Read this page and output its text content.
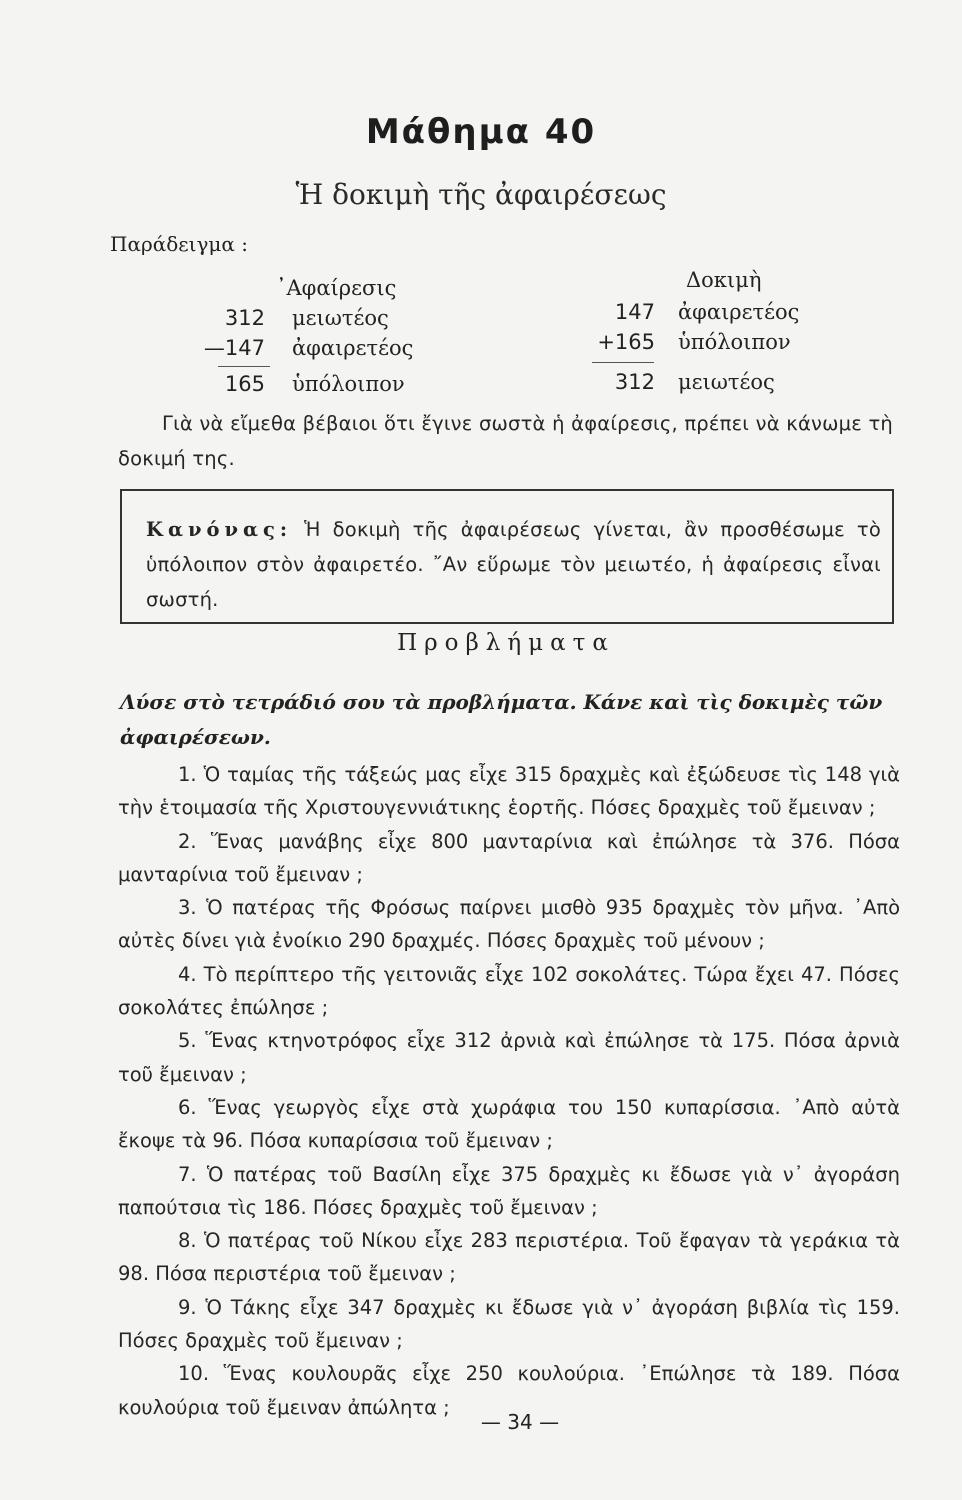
Μάθημα 40
Ἡ δοκιμὴ τῆς ἀφαιρέσεως
Παράδειγμα :
᾿Αφαίρεσις
312 μειωτέος
—147 ἀφαιρετέος
165 ὑπόλοιπον
Δοκιμὴ
147 ἀφαιρετέος
+165 ὑπόλοιπον
312 μειωτέος
Γιὰ νὰ εἴμεθα βέβαιοι ὅτι ἔγινε σωστὰ ἡ ἀφαίρεσις, πρέπει νὰ κάνωμε τὴ δοκιμή της.
Κανόνας: Ἡ δοκιμὴ τῆς ἀφαιρέσεως γίνεται, ἂν προσθέσωμε τὸ ὑπόλοιπον στὸν ἀφαιρετέο. ῎Αν εὕρωμε τὸν μειωτέο, ἡ ἀφαίρεσις εἶναι σωστή.
Προβλήματα
Λύσε στὸ τετράδιό σου τὰ προβλήματα. Κάνε καὶ τὶς δοκιμὲς τῶν ἀφαιρέσεων.
1. Ὁ ταμίας τῆς τάξεώς μας εἶχε 315 δραχμὲς καὶ ἐξώδευσε τὶς 148 γιὰ τὴν ἑτοιμασία τῆς Χριστουγεννιάτικης ἑορτῆς. Πόσες δραχμὲς τοῦ ἔμειναν ;
2. Ἕνας μανάβης εἶχε 800 μανταρίνια καὶ ἐπώλησε τὰ 376. Πόσα μανταρίνια τοῦ ἔμειναν ;
3. Ὁ πατέρας τῆς Φρόσως παίρνει μισθὸ 935 δραχμὲς τὸν μῆνα. ᾿Απὸ αὐτὲς δίνει γιὰ ἐνοίκιο 290 δραχμές. Πόσες δραχμὲς τοῦ μένουν ;
4. Τὸ περίπτερο τῆς γειτονιᾶς εἶχε 102 σοκολάτες. Τώρα ἔχει 47. Πόσες σοκολάτες ἐπώλησε ;
5. Ἕνας κτηνοτρόφος εἶχε 312 ἀρνιὰ καὶ ἐπώλησε τὰ 175. Πόσα ἀρνιὰ τοῦ ἔμειναν ;
6. Ἕνας γεωργὸς εἶχε στὰ χωράφια του 150 κυπαρίσσια. ᾿Απὸ αὐτὰ ἔκοψε τὰ 96. Πόσα κυπαρίσσια τοῦ ἔμειναν ;
7. Ὁ πατέρας τοῦ Βασίλη εἶχε 375 δραχμὲς κι ἔδωσε γιὰ ν᾿ ἀγοράση παπούτσια τὶς 186. Πόσες δραχμὲς τοῦ ἔμειναν ;
8. Ὁ πατέρας τοῦ Νίκου εἶχε 283 περιστέρια. Τοῦ ἔφαγαν τὰ γεράκια τὰ 98. Πόσα περιστέρια τοῦ ἔμειναν ;
9. Ὁ Τάκης εἶχε 347 δραχμὲς κι ἔδωσε γιὰ ν᾿ ἀγοράση βιβλία τὶς 159. Πόσες δραχμὲς τοῦ ἔμειναν ;
10. Ἕνας κουλουρᾶς εἶχε 250 κουλούρια. ᾿Επώλησε τὰ 189. Πόσα κουλούρια τοῦ ἔμειναν ἀπώλητα ;
— 34 —
